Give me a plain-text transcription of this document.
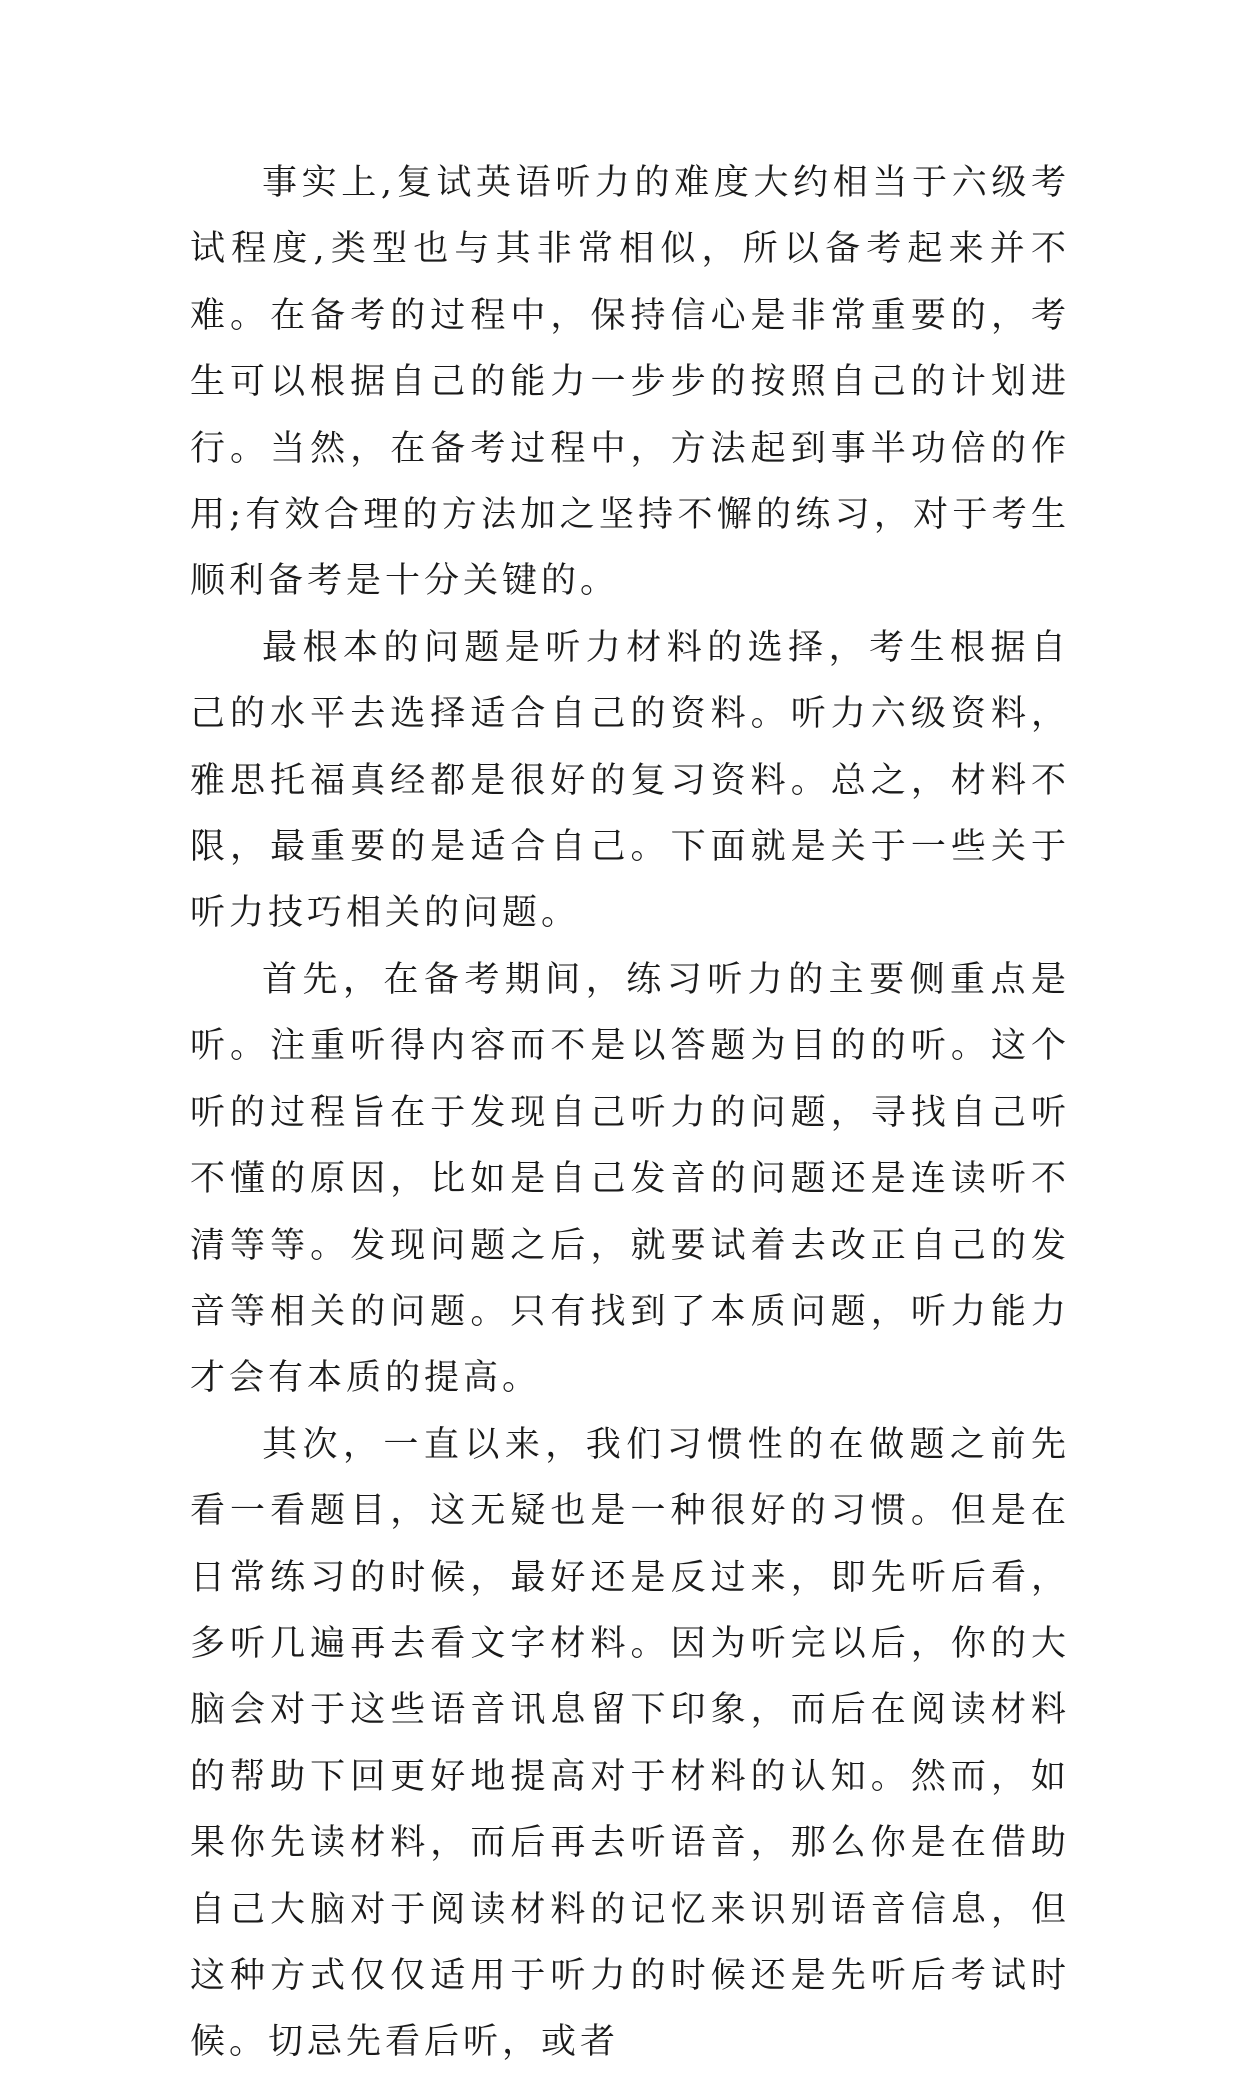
事实上,复试英语听力的难度大约相当于六级考试程度,类型也与其非常相似，所以备考起来并不难。在备考的过程中，保持信心是非常重要的，考生可以根据自己的能力一步步的按照自己的计划进行。当然，在备考过程中，方法起到事半功倍的作用;有效合理的方法加之坚持不懈的练习，对于考生顺利备考是十分关键的。

最根本的问题是听力材料的选择，考生根据自己的水平去选择适合自己的资料。听力六级资料，雅思托福真经都是很好的复习资料。总之，材料不限，最重要的是适合自己。下面就是关于一些关于听力技巧相关的问题。

首先，在备考期间，练习听力的主要侧重点是听。注重听得内容而不是以答题为目的的听。这个听的过程旨在于发现自己听力的问题，寻找自己听不懂的原因，比如是自己发音的问题还是连读听不清等等。发现问题之后，就要试着去改正自己的发音等相关的问题。只有找到了本质问题，听力能力才会有本质的提高。

其次，一直以来，我们习惯性的在做题之前先看一看题目，这无疑也是一种很好的习惯。但是在日常练习的时候，最好还是反过来，即先听后看，多听几遍再去看文字材料。因为听完以后，你的大脑会对于这些语音讯息留下印象，而后在阅读材料的帮助下回更好地提高对于材料的认知。然而，如果你先读材料，而后再去听语音，那么你是在借助自己大脑对于阅读材料的记忆来识别语音信息，但这种方式仅仅适用于听力的时候还是先听后考试时候。切忌先看后听，或者
